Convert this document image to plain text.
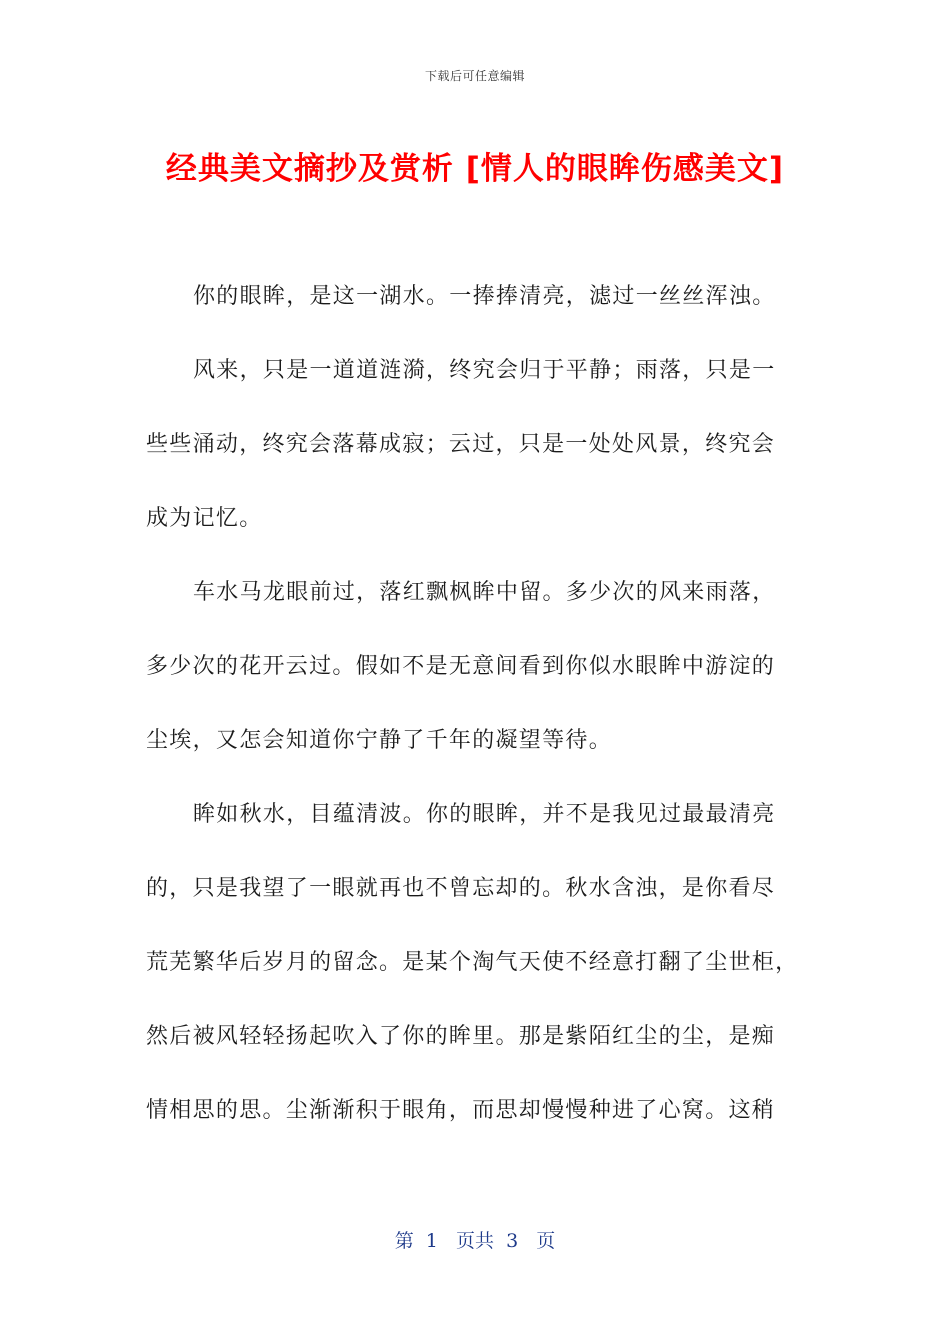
下载后可任意编辑
经典美文摘抄及赏析 [情人的眼眸伤感美文]
你的眼眸，是这一湖水。一捧捧清亮，滤过一丝丝浑浊。
风来，只是一道道涟漪，终究会归于平静；雨落，只是一
些些涌动，终究会落幕成寂；云过，只是一处处风景，终究会
成为记忆。
车水马龙眼前过，落红飘枫眸中留。多少次的风来雨落，
多少次的花开云过。假如不是无意间看到你似水眼眸中游淀的
尘埃，又怎会知道你宁静了千年的凝望等待。
眸如秋水，目蕴清波。你的眼眸，并不是我见过最最清亮
的，只是我望了一眼就再也不曾忘却的。秋水含浊，是你看尽
荒芜繁华后岁月的留念。是某个淘气天使不经意打翻了尘世柜，
然后被风轻轻扬起吹入了你的眸里。那是紫陌红尘的尘，是痴
情相思的思。尘渐渐积于眼角，而思却慢慢种进了心窝。这稍
第  1   页共  3   页
